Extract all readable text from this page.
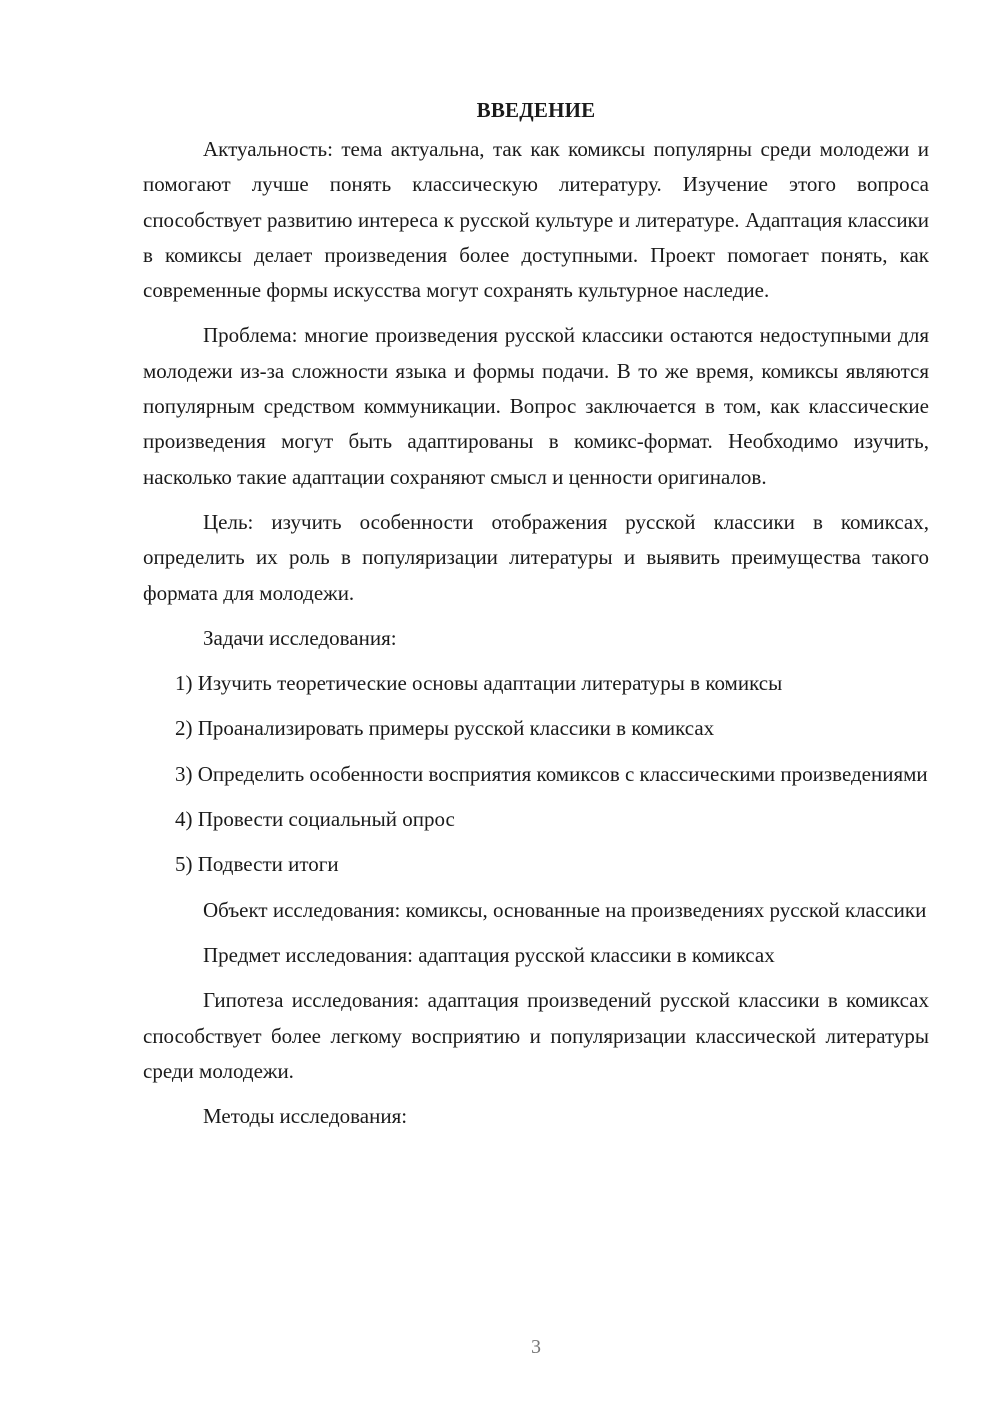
ВВЕДЕНИЕ

Актуальность: тема актуальна, так как комиксы популярны среди молодежи и помогают лучше понять классическую литературу. Изучение этого вопроса способствует развитию интереса к русской культуре и литературе. Адаптация классики в комиксы делает произведения более доступными. Проект помогает понять, как современные формы искусства могут сохранять культурное наследие.

Проблема: многие произведения русской классики остаются недоступными для молодежи из-за сложности языка и формы подачи. В то же время, комиксы являются популярным средством коммуникации. Вопрос заключается в том, как классические произведения могут быть адаптированы в комикс-формат. Необходимо изучить, насколько такие адаптации сохраняют смысл и ценности оригиналов.

Цель: изучить особенности отображения русской классики в комиксах, определить их роль в популяризации литературы и выявить преимущества такого формата для молодежи.

Задачи исследования:

1) Изучить теоретические основы адаптации литературы в комиксы

2) Проанализировать примеры русской классики в комиксах

3) Определить особенности восприятия комиксов с классическими произведениями

4) Провести социальный опрос

5) Подвести итоги

Объект исследования: комиксы, основанные на произведениях русской классики

Предмет исследования: адаптация русской классики в комиксах

Гипотеза исследования: адаптация произведений русской классики в комиксах способствует более легкому восприятию и популяризации классической литературы среди молодежи.

Методы исследования:

3
